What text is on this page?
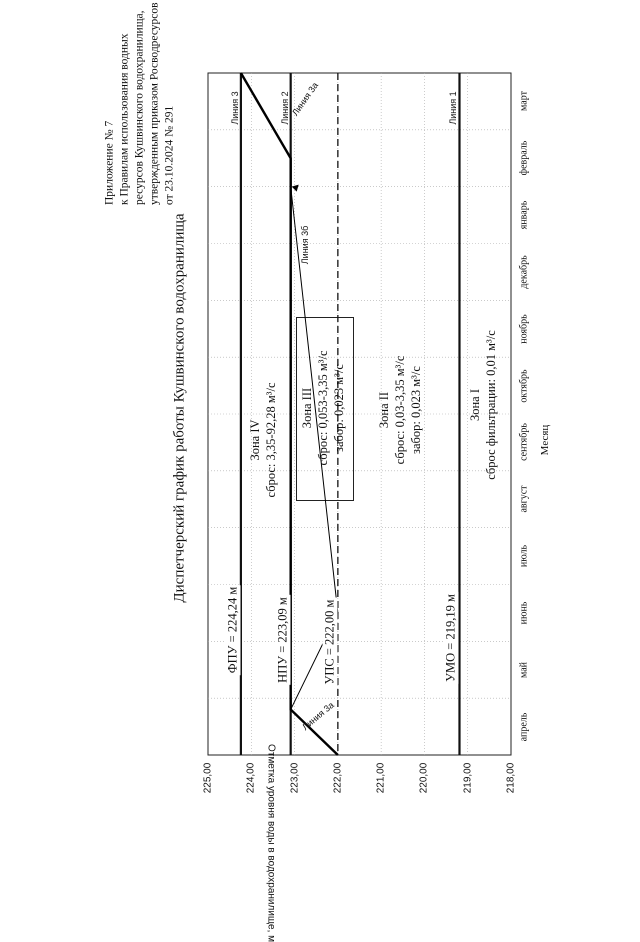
Приложение № 7 к Правилам использования водных ресурсов Кушвинского водохранилища, утвержденным приказом Росводресурсов от 23.10.2024 № 291
Диспетчерский график работы Кушвинского водохранилища
Отметка уровня воды в водохранилище, м
Месяц
225,00	224,00	223,00	222,00	221,00	220,00	219,00	218,00
апрель
май
июнь
июль
август
сентябрь
октябрь
ноябрь
декабрь
январь
февраль
март
ФПУ = 224,24 м	НПУ = 223,09 м	УПС = 222,00 м	УМО = 219,19 м
Линия 3	Линия 2	Линия 1
Линия 3а
Линия 3а
Линия 3б
Зона IV сброс: 3,35-92,28 м³/с Зона III сброс: 0,053-3,35 м³/с забор: 0,023 м³/с Зона II сброс: 0,03-3,35 м³/с забор: 0,023 м³/с	Зона I сброс фильтрации: 0,01 м³/с
